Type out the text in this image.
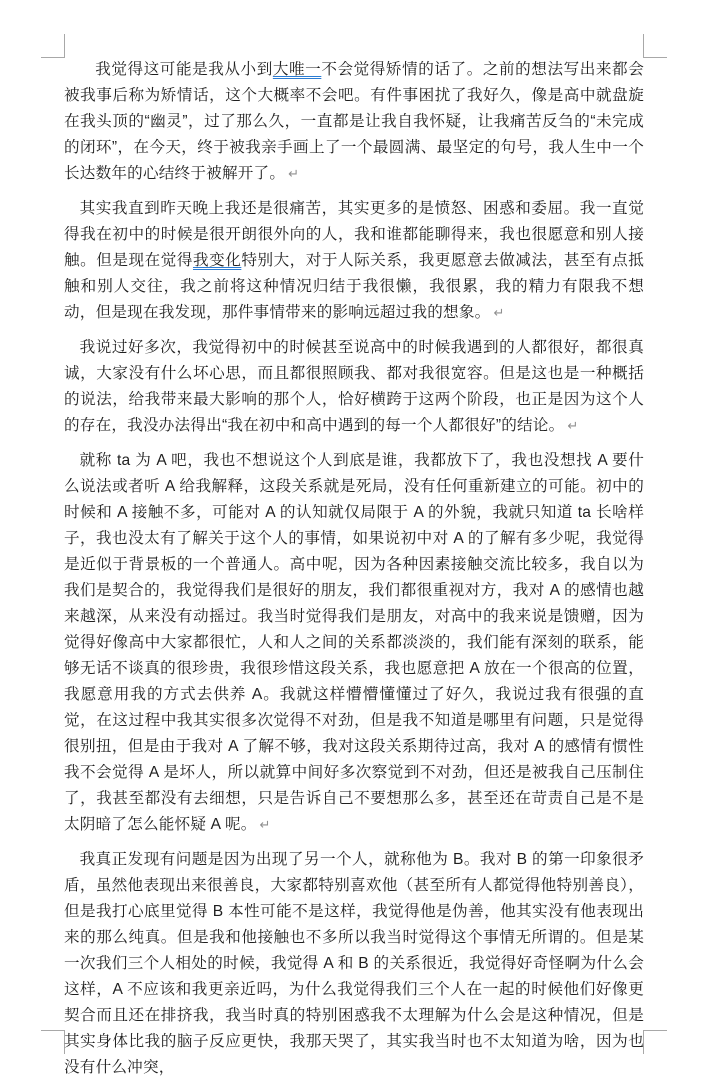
我觉得这可能是我从小到大唯一不会觉得矫情的话了。之前的想法写出来都会被我事后称为矫情话，这个大概率不会吧。有件事困扰了我好久，像是高中就盘旋在我头顶的“幽灵”，过了那么久，一直都是让我自我怀疑，让我痛苦反刍的“未完成的闭环”，在今天，终于被我亲手画上了一个最圆满、最坚定的句号，我人生中一个长达数年的心结终于被解开了。 ↵

其实我直到昨天晚上我还是很痛苦，其实更多的是愤怒、困惑和委屈。我一直觉得我在初中的时候是很开朗很外向的人，我和谁都能聊得来，我也很愿意和别人接触。但是现在觉得我变化特别大，对于人际关系，我更愿意去做减法，甚至有点抵触和别人交往，我之前将这种情况归结于我很懒，我很累，我的精力有限我不想动，但是现在我发现，那件事情带来的影响远超过我的想象。 ↵

我说过好多次，我觉得初中的时候甚至说高中的时候我遇到的人都很好，都很真诚，大家没有什么坏心思，而且都很照顾我、都对我很宽容。但是这也是一种概括的说法，给我带来最大影响的那个人，恰好横跨于这两个阶段，也正是因为这个人的存在，我没办法得出“我在初中和高中遇到的每一个人都很好”的结论。 ↵

就称 ta 为 A 吧，我也不想说这个人到底是谁，我都放下了，我也没想找 A 要什么说法或者听 A 给我解释，这段关系就是死局，没有任何重新建立的可能。初中的时候和 A 接触不多，可能对 A 的认知就仅局限于 A 的外貌，我就只知道 ta 长啥样子，我也没太有了解关于这个人的事情，如果说初中对 A 的了解有多少呢，我觉得是近似于背景板的一个普通人。高中呢，因为各种因素接触交流比较多，我自以为我们是契合的，我觉得我们是很好的朋友，我们都很重视对方，我对 A 的感情也越来越深，从来没有动摇过。我当时觉得我们是朋友，对高中的我来说是馈赠，因为觉得好像高中大家都很忙，人和人之间的关系都淡淡的，我们能有深刻的联系，能够无话不谈真的很珍贵，我很珍惜这段关系，我也愿意把 A 放在一个很高的位置，我愿意用我的方式去供养 A。我就这样懵懵懂懂过了好久，我说过我有很强的直觉，在这过程中我其实很多次觉得不对劲，但是我不知道是哪里有问题，只是觉得很别扭，但是由于我对 A 了解不够，我对这段关系期待过高，我对 A 的感情有惯性我不会觉得 A 是坏人，所以就算中间好多次察觉到不对劲，但还是被我自己压制住了，我甚至都没有去细想，只是告诉自己不要想那么多，甚至还在苛责自己是不是太阴暗了怎么能怀疑 A 呢。 ↵

我真正发现有问题是因为出现了另一个人，就称他为 B。我对 B 的第一印象很矛盾，虽然他表现出来很善良，大家都特别喜欢他（甚至所有人都觉得他特别善良），但是我打心底里觉得 B 本性可能不是这样，我觉得他是伪善，他其实没有他表现出来的那么纯真。但是我和他接触也不多所以我当时觉得这个事情无所谓的。但是某一次我们三个人相处的时候，我觉得 A 和 B 的关系很近，我觉得好奇怪啊为什么会这样，A 不应该和我更亲近吗，为什么我觉得我们三个人在一起的时候他们好像更契合而且还在排挤我，我当时真的特别困惑我不太理解为什么会是这种情况，但是其实身体比我的脑子反应更快，我那天哭了，其实我当时也不太知道为啥，因为也没有什么冲突，
